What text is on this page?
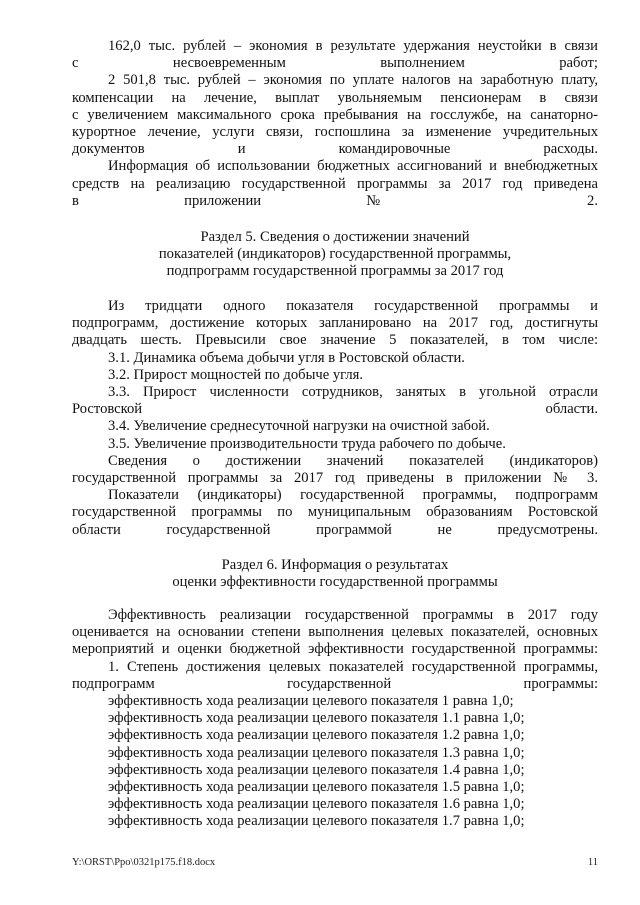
162,0 тыс. рублей – экономия в результате удержания неустойки в связи
с несвоевременным выполнением работ;

2 501,8 тыс. рублей – экономия по уплате налогов на заработную плату,
компенсации на лечение, выплат увольняемым пенсионерам в связи
с увеличением максимального срока пребывания на госслужбе, на санаторно-
курортное лечение, услуги связи, госпошлина за изменение учредительных
документов и командировочные расходы.

Информация об использовании бюджетных ассигнований и внебюджетных
средств на реализацию государственной программы за 2017 год приведена
в приложении № 2.

Раздел 5. Сведения о достижении значений

показателей (индикаторов) государственной программы,

подпрограмм государственной программы за 2017 год

Из тридцати одного показателя государственной программы и
подпрограмм, достижение которых запланировано на 2017 год, достигнуты
двадцать шесть. Превысили свое значение 5 показателей, в том числе:

3.1. Динамика объема добычи угля в Ростовской области.

3.2. Прирост мощностей по добыче угля.

3.3. Прирост численности сотрудников, занятых в угольной отрасли
Ростовской области.

3.4. Увеличение среднесуточной нагрузки на очистной забой.

3.5. Увеличение производительности труда рабочего по добыче.

Сведения о достижении значений показателей (индикаторов)
государственной программы за 2017 год приведены в приложении № 3.

Показатели (индикаторы) государственной программы, подпрограмм
государственной программы по муниципальным образованиям Ростовской
области государственной программой не предусмотрены.

Раздел 6. Информация о результатах

оценки эффективности государственной программы

Эффективность реализации государственной программы в 2017 году
оценивается на основании степени выполнения целевых показателей, основных
мероприятий и оценки бюджетной эффективности государственной программы:

1. Степень достижения целевых показателей государственной программы,
подпрограмм государственной программы:

эффективность хода реализации целевого показателя 1 равна 1,0;

эффективность хода реализации целевого показателя 1.1 равна 1,0;

эффективность хода реализации целевого показателя 1.2 равна 1,0;

эффективность хода реализации целевого показателя 1.3 равна 1,0;

эффективность хода реализации целевого показателя 1.4 равна 1,0;

эффективность хода реализации целевого показателя 1.5 равна 1,0;

эффективность хода реализации целевого показателя 1.6 равна 1,0;

эффективность хода реализации целевого показателя 1.7 равна 1,0;

Y:\ORST\Ppo\0321p175.f18.docx	11
